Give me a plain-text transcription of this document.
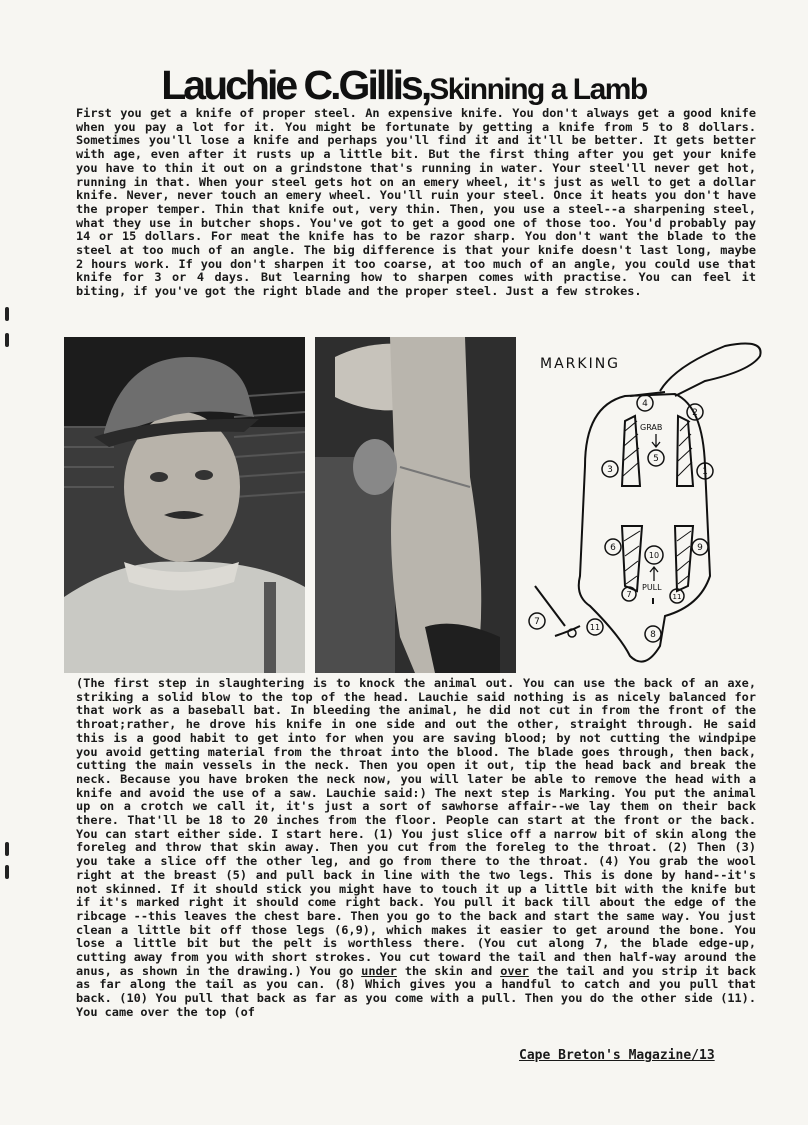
Lauchie C.Gillis,Skinning a Lamb
First you get a knife of proper steel. An expensive knife. You don't always get a good knife when you pay a lot for it. You might be fortunate by getting a knife from 5 to 8 dollars. Sometimes you'll lose a knife and perhaps you'll find it and it'll be better. It gets better with age, even after it rusts up a little bit. But the first thing after you get your knife you have to thin it out on a grindstone that's running in water. Your steel'll never get hot, running in that. When your steel gets hot on an emery wheel, it's just as well to get a dollar knife. Never, never touch an emery wheel. You'll ruin your steel. Once it heats you don't have the proper temper. Thin that knife out, very thin. Then, you use a steel--a sharpening steel, what they use in butcher shops. You've got to get a good one of those too. You'd probably pay 14 or 15 dollars. For meat the knife has to be razor sharp. You don't want the blade to the steel at too much of an angle. The big difference is that your knife doesn't last long, maybe 2 hours work. If you don't sharpen it too coarse, at too much of an angle, you could use that knife for 3 or 4 days. But learning how to sharpen comes with practise. You can feel it biting, if you've got the right blade and the proper steel. Just a few strokes.
4
2
3
5
1
6
10
7
8
9
11
7
11
MARKING
GRAB
PULL
(The first step in slaughtering is to knock the animal out. You can use the back of an axe, striking a solid blow to the top of the head. Lauchie said nothing is as nicely balanced for that work as a baseball bat. In bleeding the animal, he did not cut in from the front of the throat;rather, he drove his knife in one side and out the other, straight through. He said this is a good habit to get into for when you are saving blood; by not cutting the windpipe you avoid getting material from the throat into the blood. The blade goes through, then back, cutting the main vessels in the neck. Then you open it out, tip the head back and break the neck. Because you have broken the neck now, you will later be able to remove the head with a knife and avoid the use of a saw. Lauchie said:) The next step is Marking. You put the animal up on a crotch we call it, it's just a sort of sawhorse affair--we lay them on their back there. That'll be 18 to 20 inches from the floor. People can start at the front or the back. You can start either side. I start here. (1) You just slice off a narrow bit of skin along the foreleg and throw that skin away. Then you cut from the foreleg to the throat. (2) Then (3) you take a slice off the other leg, and go from there to the throat. (4) You grab the wool right at the breast (5) and pull back in line with the two legs. This is done by hand--it's not skinned. If it should stick you might have to touch it up a little bit with the knife but if it's marked right it should come right back. You pull it back till about the edge of the ribcage --this leaves the chest bare. Then you go to the back and start the same way. You just clean a little bit off those legs (6,9), which makes it easier to get around the bone. You lose a little bit but the pelt is worthless there. (You cut along 7, the blade edge-up, cutting away from you with short strokes. You cut toward the tail and then half-way around the anus, as shown in the drawing.) You go under the skin and over the tail and you strip it back as far along the tail as you can. (8) Which gives you a handful to catch and you pull that back. (10) You pull that back as far as you come with a pull. Then you do the other side (11). You came over the top (of
Cape Breton's Magazine/13
